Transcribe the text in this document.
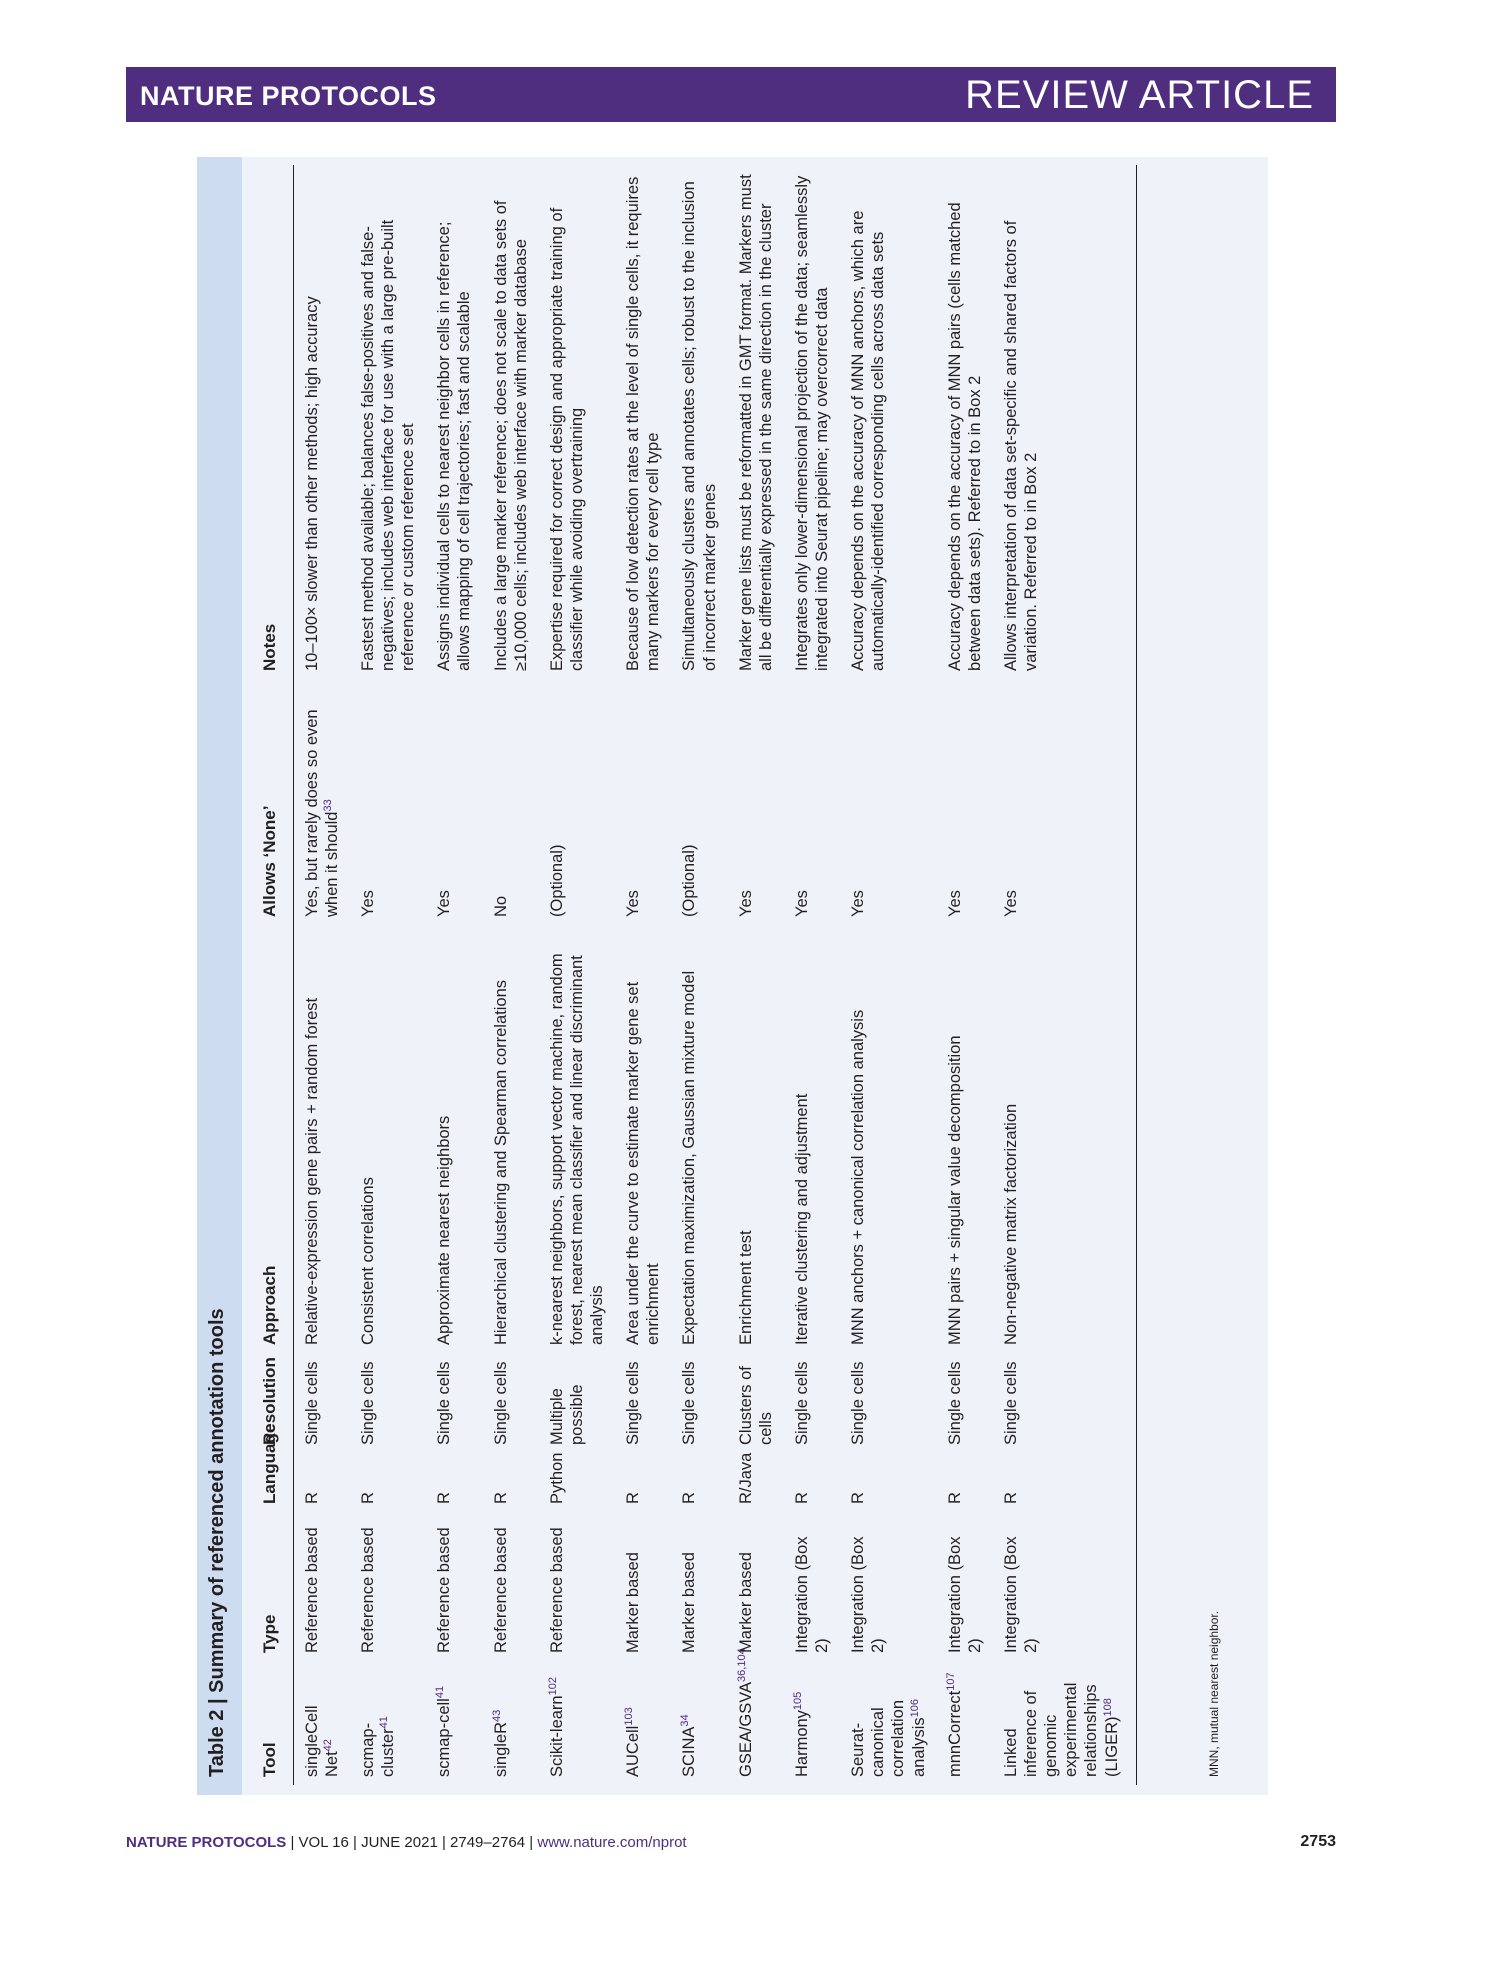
NATURE PROTOCOLS	REVIEW ARTICLE
Table 2 | Summary of referenced annotation tools	Tool	Type	Language	Resolution	Approach	Allows ‘None’	Notes
singleCell Net$^{42}$	Reference based	R	Single cells	Relative-expression gene pairs + random forest	Yes, but rarely does so even when it should$^{33}$	10–100× slower than other methods; high accuracy
scmap-cluster$^{41}$	Reference based	R	Single cells	Consistent correlations	Yes	Fastest method available; balances false-positives and false-negatives; includes web interface for use with a large pre-built reference or custom reference set
scmap-cell$^{41}$	Reference based	R	Single cells	Approximate nearest neighbors	Yes	Assigns individual cells to nearest neighbor cells in reference; allows mapping of cell trajectories; fast and scalable
singleR$^{43}$	Reference based	R	Single cells	Hierarchical clustering and Spearman correlations	No	Includes a large marker reference; does not scale to data sets of ≥10,000 cells; includes web interface with marker database
Scikit-learn$^{102}$	Reference based	Python	Multiple possible	k-nearest neighbors, support vector machine, random forest, nearest mean classifier and linear discriminant analysis	(Optional)	Expertise required for correct design and appropriate training of classifier while avoiding overtraining
AUCell$^{103}$	Marker based	R	Single cells	Area under the curve to estimate marker gene set enrichment	Yes	Because of low detection rates at the level of single cells, it requires many markers for every cell type
SCINA$^{34}$	Marker based	R	Single cells	Expectation maximization, Gaussian mixture model	(Optional)	Simultaneously clusters and annotates cells; robust to the inclusion of incorrect marker genes
GSEA/GSVA$^{36,104}$	Marker based	R/Java	Clusters of cells	Enrichment test	Yes	Marker gene lists must be reformatted in GMT format. Markers must all be differentially expressed in the same direction in the cluster
Harmony$^{105}$	Integration (Box 2)	R	Single cells	Iterative clustering and adjustment	Yes	Integrates only lower-dimensional projection of the data; seamlessly integrated into Seurat pipeline; may overcorrect data
Seurat-canonical correlation analysis$^{106}$	Integration (Box 2)	R	Single cells	MNN anchors + canonical correlation analysis	Yes	Accuracy depends on the accuracy of MNN anchors, which are automatically-identified corresponding cells across data sets
mnnCorrect$^{107}$	Integration (Box 2)	R	Single cells	MNN pairs + singular value decomposition	Yes	Accuracy depends on the accuracy of MNN pairs (cells matched between data sets). Referred to in Box 2
Linked inference of genomic experimental relationships (LIGER)$^{108}$	Integration (Box 2)	R	Single cells	Non-negative matrix factorization	Yes	Allows interpretation of data set-specific and shared factors of variation. Referred to in Box 2
MNN, mutual nearest neighbor.
NATURE PROTOCOLS | VOL 16 | JUNE 2021 | 2749–2764 | www.nature.com/nprot	2753
